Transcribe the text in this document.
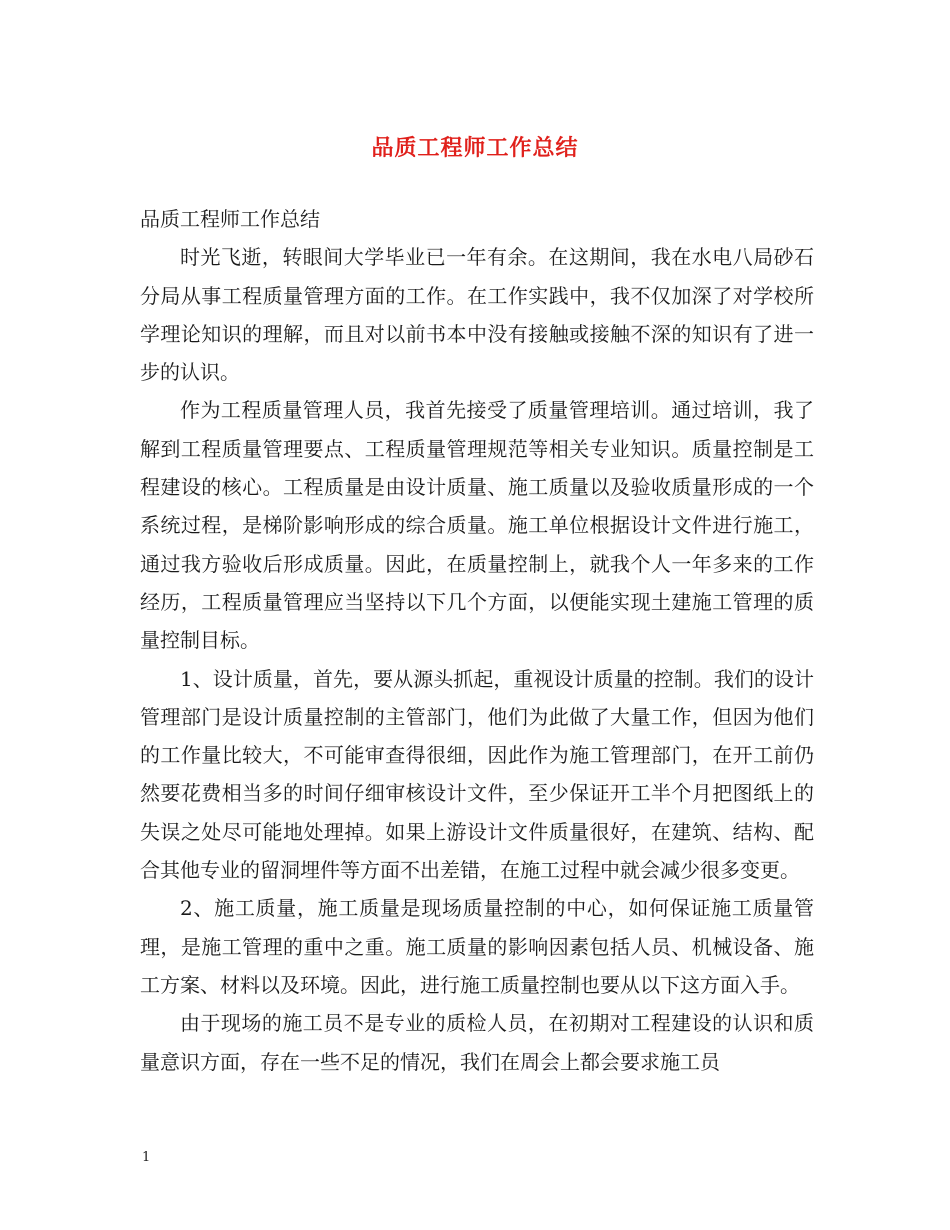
品质工程师工作总结

品质工程师工作总结

时光飞逝，转眼间大学毕业已一年有余。在这期间，我在水电八局砂石分局从事工程质量管理方面的工作。在工作实践中，我不仅加深了对学校所学理论知识的理解，而且对以前书本中没有接触或接触不深的知识有了进一步的认识。

作为工程质量管理人员，我首先接受了质量管理培训。通过培训，我了解到工程质量管理要点、工程质量管理规范等相关专业知识。质量控制是工程建设的核心。工程质量是由设计质量、施工质量以及验收质量形成的一个系统过程，是梯阶影响形成的综合质量。施工单位根据设计文件进行施工，通过我方验收后形成质量。因此，在质量控制上，就我个人一年多来的工作经历，工程质量管理应当坚持以下几个方面，以便能实现土建施工管理的质量控制目标。

1、设计质量，首先，要从源头抓起，重视设计质量的控制。我们的设计管理部门是设计质量控制的主管部门，他们为此做了大量工作，但因为他们的工作量比较大，不可能审查得很细，因此作为施工管理部门，在开工前仍然要花费相当多的时间仔细审核设计文件，至少保证开工半个月把图纸上的失误之处尽可能地处理掉。如果上游设计文件质量很好，在建筑、结构、配合其他专业的留洞埋件等方面不出差错，在施工过程中就会减少很多变更。

2、施工质量，施工质量是现场质量控制的中心，如何保证施工质量管理，是施工管理的重中之重。施工质量的影响因素包括人员、机械设备、施工方案、材料以及环境。因此，进行施工质量控制也要从以下这方面入手。

由于现场的施工员不是专业的质检人员，在初期对工程建设的认识和质量意识方面，存在一些不足的情况，我们在周会上都会要求施工员

1
